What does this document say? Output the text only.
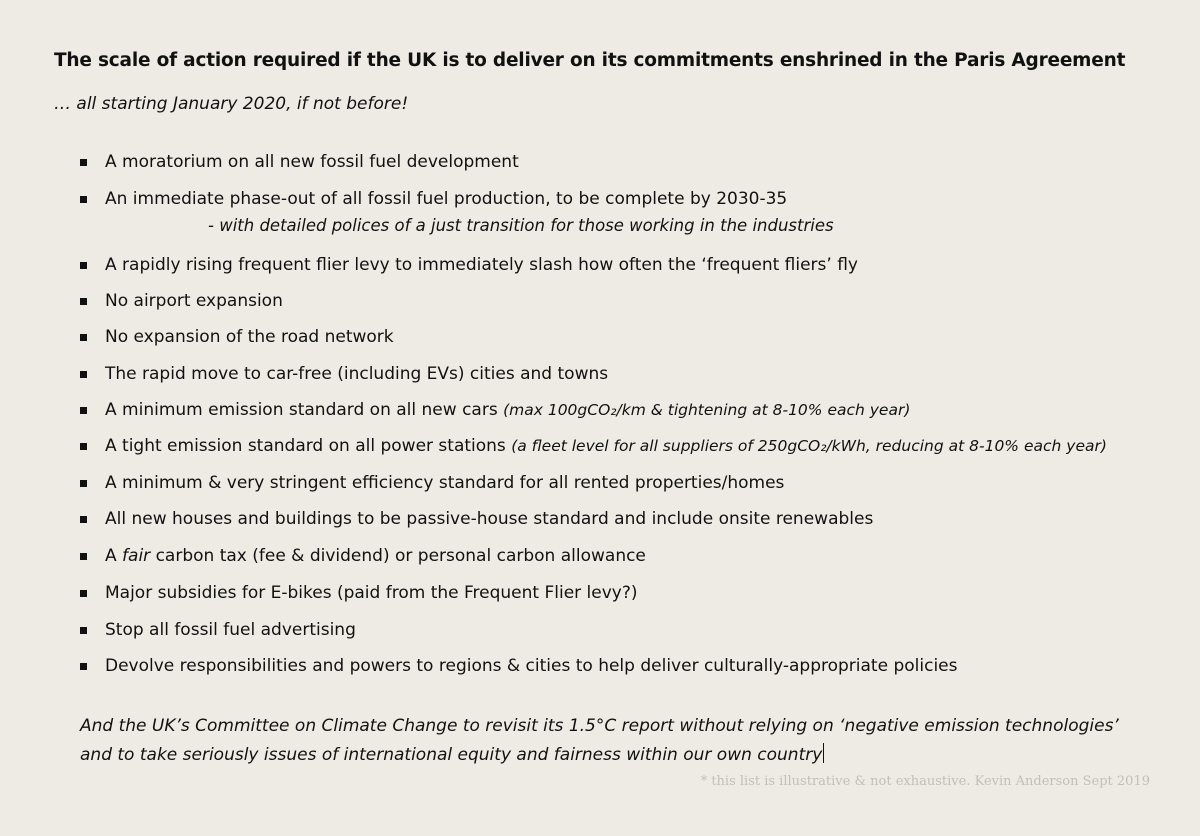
The scale of action required if the UK is to deliver on its commitments enshrined in the Paris Agreement
… all starting January 2020, if not before!
A moratorium on all new fossil fuel development
An immediate phase-out of all fossil fuel production, to be complete by 2030-35
- with detailed polices of a just transition for those working in the industries
A rapidly rising frequent flier levy to immediately slash how often the ‘frequent fliers’ fly
No airport expansion
No expansion of the road network
The rapid move to car-free (including EVs) cities and towns
A minimum emission standard on all new cars (max 100gCO₂/km & tightening at 8-10% each year)
A tight emission standard on all power stations (a fleet level for all suppliers of 250gCO₂/kWh, reducing at 8-10% each year)
A minimum & very stringent efficiency standard for all rented properties/homes
All new houses and buildings to be passive-house standard and include onsite renewables
A fair carbon tax (fee & dividend) or personal carbon allowance
Major subsidies for E-bikes (paid from the Frequent Flier levy?)
Stop all fossil fuel advertising
Devolve responsibilities and powers to regions & cities to help deliver culturally-appropriate policies
And the UK’s Committee on Climate Change to revisit its 1.5°C report without relying on ‘negative emission technologies’
and to take seriously issues of international equity and fairness within our own country
* this list is illustrative & not exhaustive. Kevin Anderson Sept 2019
